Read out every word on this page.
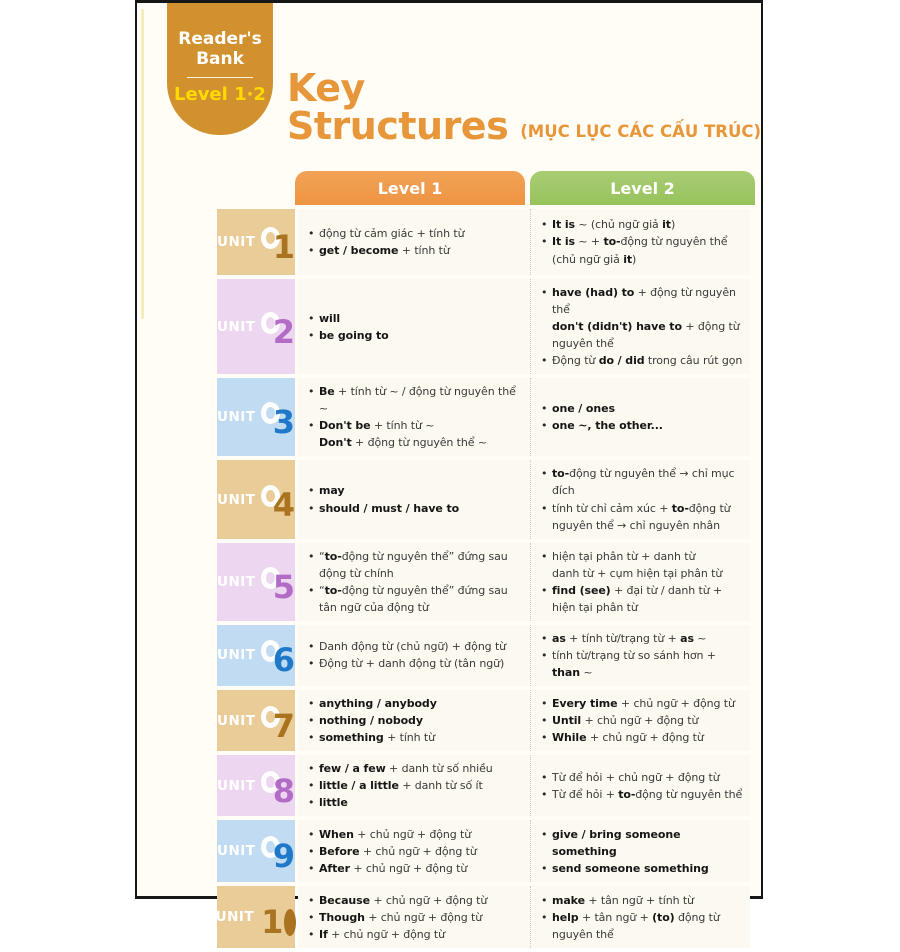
Reader's
Bank
Level 1·2 Key Structures (MỤC LỤC CÁC CẤU TRÚC)
Level 1	Level 2
UNIT 1 • động từ cảm giác + tính từ
• get / become + tính từ
• It is ~ (chủ ngữ giả it)
• It is ~ + to-động từ nguyên thể (chủ ngữ giả it)
UNIT 2 • will
• be going to
• have (had) to + động từ nguyên thể
don't (didn't) have to + động từ nguyên thể
• Động từ do / did trong câu rút gọn
UNIT 3
• Be + tính từ ~ / động từ nguyên thể ~
• Don't be + tính từ ~
Don't + động từ nguyên thể ~
• one / ones
• one ~, the other...
UNIT 4 • may
• should / must / have to
• to-động từ nguyên thể → chỉ mục đích
• tính từ chỉ cảm xúc + to-động từ nguyên thể → chỉ nguyên nhân
UNIT 5
• “to-động từ nguyên thể” đứng sau động từ chính
• “to-động từ nguyên thể” đứng sau tân ngữ của động từ
• hiện tại phân từ + danh từ
danh từ + cụm hiện tại phân từ
• find (see) + đại từ / danh từ + hiện tại phân từ
UNIT 6 • Danh động từ (chủ ngữ) + động từ
• Động từ + danh động từ (tân ngữ)
• as + tính từ/trạng từ + as ~
• tính từ/trạng từ so sánh hơn + than ~
UNIT 7
• anything / anybody
• nothing / nobody
• something + tính từ
• Every time + chủ ngữ + động từ
• Until + chủ ngữ + động từ
• While + chủ ngữ + động từ
UNIT 8
• few / a few + danh từ số nhiều
• little / a little + danh từ số ít
• little
• Từ để hỏi + chủ ngữ + động từ
• Từ để hỏi + to-động từ nguyên thể
UNIT 9
• When + chủ ngữ + động từ
• Before + chủ ngữ + động từ
• After + chủ ngữ + động từ
• give / bring someone something
• send someone something
UNIT 1
• Because + chủ ngữ + động từ
• Though + chủ ngữ + động từ
• If + chủ ngữ + động từ
• make + tân ngữ + tính từ
• help + tân ngữ + (to) động từ nguyên thể
